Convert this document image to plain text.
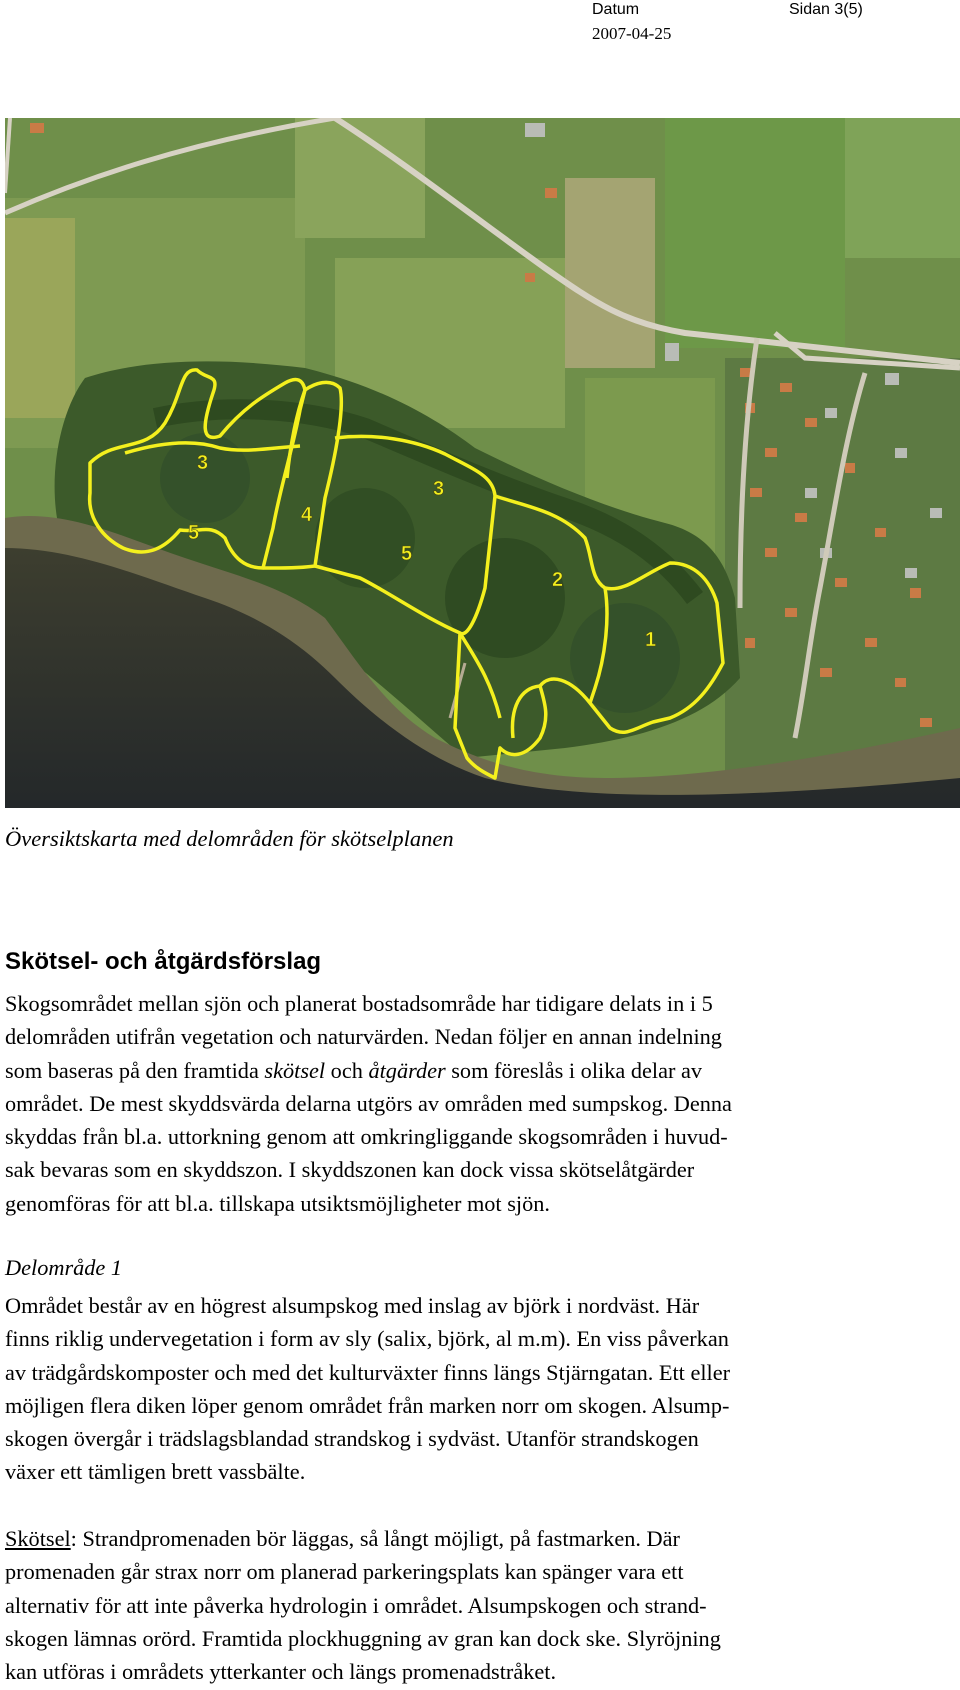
Datum	Sidan 3(5)
2007-04-25
3
5
4
3
5
2
1
Översiktskarta med delområden för skötselplanen
Skötsel- och åtgärdsförslag
Skogsområdet mellan sjön och planerat bostadsområde har tidigare delats in i 5
delområden utifrån vegetation och naturvärden. Nedan följer en annan indelning
som baseras på den framtida skötsel och åtgärder som föreslås i olika delar av
området. De mest skyddsvärda delarna utgörs av områden med sumpskog. Denna
skyddas från bl.a. uttorkning genom att omkringliggande skogsområden i huvud-
sak bevaras som en skyddszon. I skyddszonen kan dock vissa skötselåtgärder
genomföras för att bl.a. tillskapa utsiktsmöjligheter mot sjön.
Delområde 1
Området består av en högrest alsumpskog med inslag av björk i nordväst. Här
finns riklig undervegetation i form av sly (salix, björk, al m.m). En viss påverkan
av trädgårdskomposter och med det kulturväxter finns längs Stjärngatan. Ett eller
möjligen flera diken löper genom området från marken norr om skogen. Alsump-
skogen övergår i trädslagsblandad strandskog i sydväst. Utanför strandskogen
växer ett tämligen brett vassbälte.
Skötsel: Strandpromenaden bör läggas, så långt möjligt, på fastmarken. Där
promenaden går strax norr om planerad parkeringsplats kan spänger vara ett
alternativ för att inte påverka hydrologin i området. Alsumpskogen och strand-
skogen lämnas orörd. Framtida plockhuggning av gran kan dock ske. Slyröjning
kan utföras i områdets ytterkanter och längs promenadstråket.
